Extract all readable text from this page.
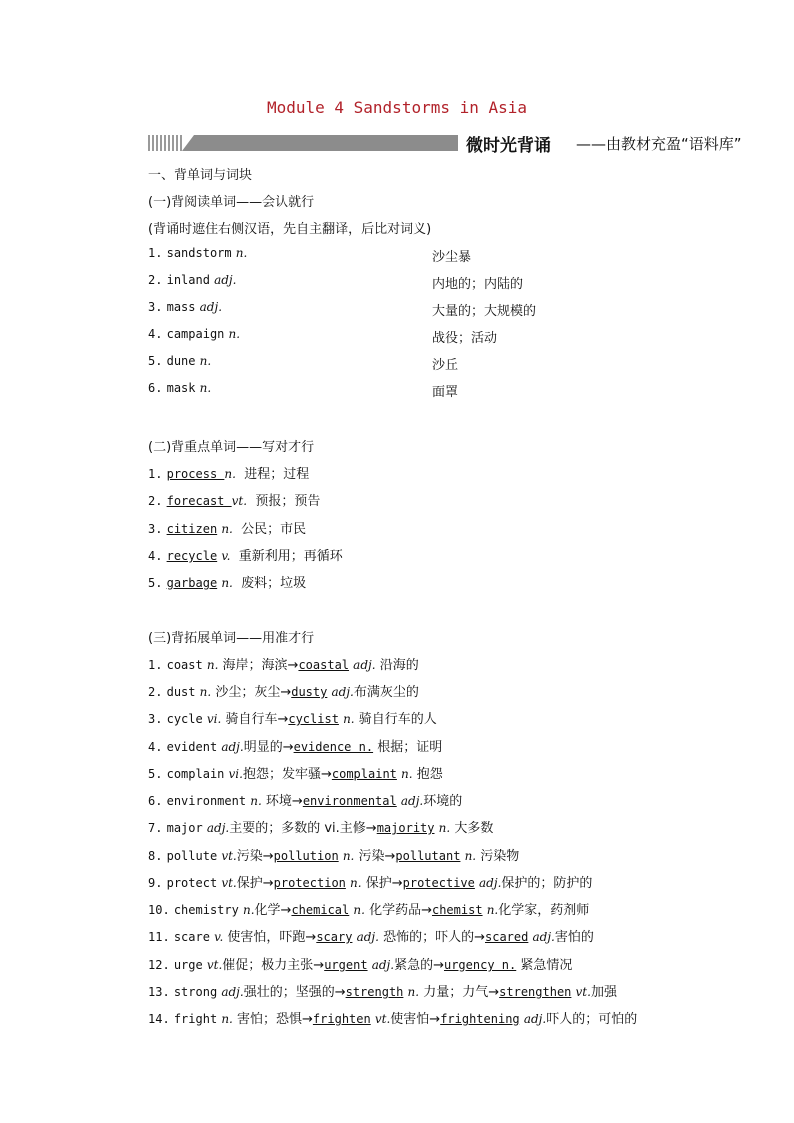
Module 4 Sandstorms in Asia
微时光背诵 ——由教材充盈“语料库”
一、背单词与词块
(一)背阅读单词——会认就行
(背诵时遮住右侧汉语，先自主翻译，后比对词义)
1. sandstorm n.	沙尘暴
2. inland adj.	内地的；内陆的
3. mass adj.	大量的；大规模的
4. campaign n.	战役；活动
5. dune n.	沙丘
6. mask n.	面罩
(二)背重点单词——写对才行
1. process n. 进程；过程
2. forecast vt. 预报；预告
3. citizen n. 公民；市民
4. recycle v. 重新利用；再循环
5. garbage n. 废料；垃圾
(三)背拓展单词——用准才行
1. coast n. 海岸；海滨→coastal adj. 沿海的
2. dust n. 沙尘；灰尘→dusty adj.布满灰尘的
3. cycle vi. 骑自行车→cyclist n. 骑自行车的人
4. evident adj.明显的→evidence n. 根据；证明
5. complain vi.抱怨；发牢骚→complaint n. 抱怨
6. environment n. 环境→environmental adj.环境的
7. major adj.主要的；多数的 vi.主修→majority n. 大多数
8. pollute vt.污染→pollution n. 污染→pollutant n. 污染物
9. protect vt.保护→protection n. 保护→protective adj.保护的；防护的
10. chemistry n.化学→chemical n. 化学药品→chemist n.化学家，药剂师
11. scare v. 使害怕，吓跑→scary adj. 恐怖的；吓人的→scared adj.害怕的
12. urge vt.催促；极力主张→urgent adj.紧急的→urgency n. 紧急情况
13. strong adj.强壮的；坚强的→strength n. 力量；力气→strengthen vt.加强
14. fright n. 害怕；恐惧→frighten vt.使害怕→frightening adj.吓人的；可怕的
